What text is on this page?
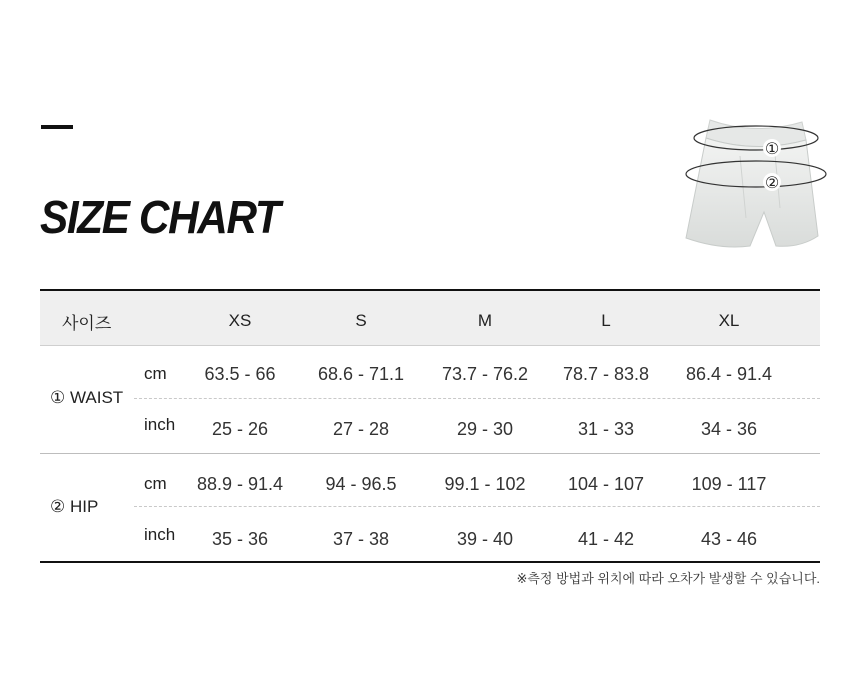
SIZE CHART
①
②
사이즈	XS	S	M	L	XL
① WAIST
cm	63.5 - 66	68.6 - 71.1	73.7 - 76.2	78.7 - 83.8	86.4 - 91.4
inch	25 - 26	27 - 28	29 - 30	31 - 33	34 - 36
② HIP
cm	88.9 - 91.4	94 - 96.5	99.1 - 102	104 - 107	109 - 117
inch	35 - 36	37 - 38	39 - 40	41 - 42	43 - 46
※측정 방법과 위치에 따라 오차가 발생할 수 있습니다.
